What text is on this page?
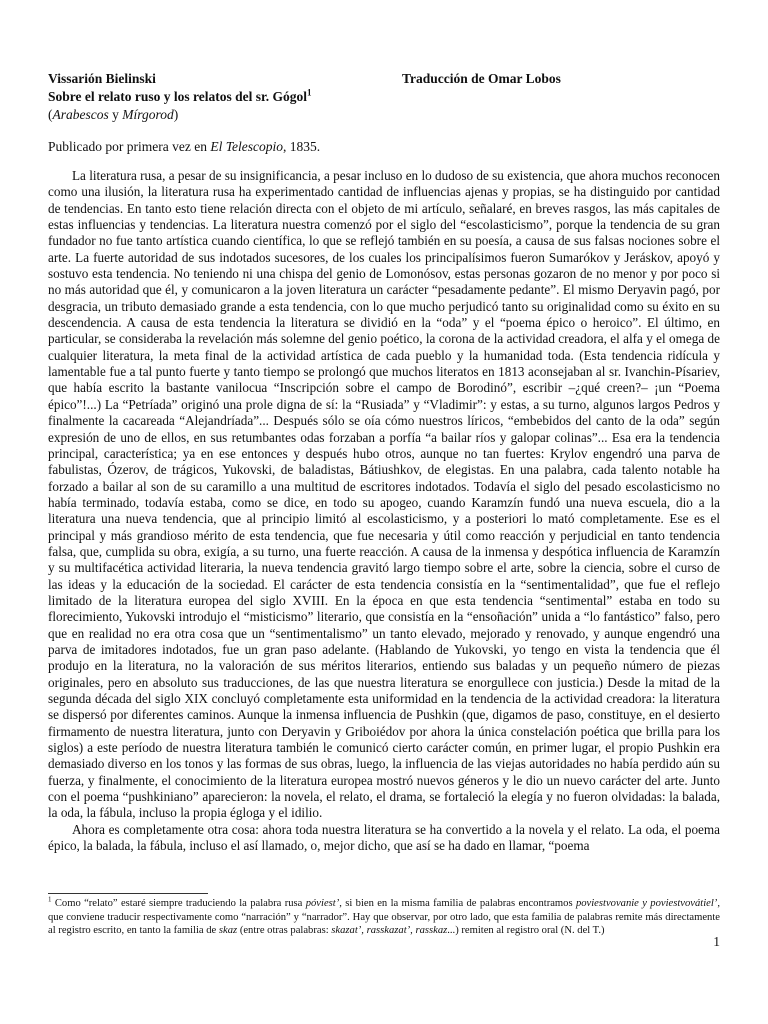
Vissarión Bielinski	Traducción de Omar Lobos
Sobre el relato ruso y los relatos del sr. Gógol$^1$
(Arabescos y Mírgorod)
Publicado por primera vez en El Telescopio, 1835.

La literatura rusa, a pesar de su insignificancia, a pesar incluso en lo dudoso de su existencia, que ahora muchos reconocen como una ilusión, la literatura rusa ha experimentado cantidad de influencias ajenas y propias, se ha distinguido por cantidad de tendencias. En tanto esto tiene relación directa con el objeto de mi artículo, señalaré, en breves rasgos, las más capitales de estas influencias y tendencias. La literatura nuestra comenzó por el siglo del “escolasticismo”, porque la tendencia de su gran fundador no fue tanto artística cuando científica, lo que se reflejó también en su poesía, a causa de sus falsas nociones sobre el arte. La fuerte autoridad de sus indotados sucesores, de los cuales los principalísimos fueron Sumarókov y Jeráskov, apoyó y sostuvo esta tendencia. No teniendo ni una chispa del genio de Lomonósov, estas personas gozaron de no menor y por poco si no más autoridad que él, y comunicaron a la joven literatura un carácter “pesadamente pedante”. El mismo Deryavin pagó, por desgracia, un tributo demasiado grande a esta tendencia, con lo que mucho perjudicó tanto su originalidad como su éxito en su descendencia. A causa de esta tendencia la literatura se dividió en la “oda” y el “poema épico o heroico”. El último, en particular, se consideraba la revelación más solemne del genio poético, la corona de la actividad creadora, el alfa y el omega de cualquier literatura, la meta final de la actividad artística de cada pueblo y la humanidad toda. (Esta tendencia ridícula y lamentable fue a tal punto fuerte y tanto tiempo se prolongó que muchos literatos en 1813 aconsejaban al sr. Ivanchin-Písariev, que había escrito la bastante vanilocua “Inscripción sobre el campo de Borodinó”, escribir –¿qué creen?– ¡un “Poema épico”!...) La “Petríada” originó una prole digna de sí: la “Rusiada” y “Vladimir”: y estas, a su turno, algunos largos Pedros y finalmente la cacareada “Alejandríada”... Después sólo se oía cómo nuestros líricos, “embebidos del canto de la oda” según expresión de uno de ellos, en sus retumbantes odas forzaban a porfía “a bailar ríos y galopar colinas”... Esa era la tendencia principal, característica; ya en ese entonces y después hubo otros, aunque no tan fuertes: Krylov engendró una parva de fabulistas, Ózerov, de trágicos, Yukovski, de baladistas, Bátiushkov, de elegistas. En una palabra, cada talento notable ha forzado a bailar al son de su caramillo a una multitud de escritores indotados. Todavía el siglo del pesado escolasticismo no había terminado, todavía estaba, como se dice, en todo su apogeo, cuando Karamzín fundó una nueva escuela, dio a la literatura una nueva tendencia, que al principio limitó al escolasticismo, y a posteriori lo mató completamente. Ese es el principal y más grandioso mérito de esta tendencia, que fue necesaria y útil como reacción y perjudicial en tanto tendencia falsa, que, cumplida su obra, exigía, a su turno, una fuerte reacción. A causa de la inmensa y despótica influencia de Karamzín y su multifacética actividad literaria, la nueva tendencia gravitó largo tiempo sobre el arte, sobre la ciencia, sobre el curso de las ideas y la educación de la sociedad. El carácter de esta tendencia consistía en la “sentimentalidad”, que fue el reflejo limitado de la literatura europea del siglo XVIII. En la época en que esta tendencia “sentimental” estaba en todo su florecimiento, Yukovski introdujo el “misticismo” literario, que consistía en la “ensoñación” unida a “lo fantástico” falso, pero que en realidad no era otra cosa que un “sentimentalismo” un tanto elevado, mejorado y renovado, y aunque engendró una parva de imitadores indotados, fue un gran paso adelante. (Hablando de Yukovski, yo tengo en vista la tendencia que él produjo en la literatura, no la valoración de sus méritos literarios, entiendo sus baladas y un pequeño número de piezas originales, pero en absoluto sus traducciones, de las que nuestra literatura se enorgullece con justicia.) Desde la mitad de la segunda década del siglo XIX concluyó completamente esta uniformidad en la tendencia de la actividad creadora: la literatura se dispersó por diferentes caminos. Aunque la inmensa influencia de Pushkin (que, digamos de paso, constituye, en el desierto firmamento de nuestra literatura, junto con Deryavin y Griboiédov por ahora la única constelación poética que brilla para los siglos) a este período de nuestra literatura también le comunicó cierto carácter común, en primer lugar, el propio Pushkin era demasiado diverso en los tonos y las formas de sus obras, luego, la influencia de las viejas autoridades no había perdido aún su fuerza, y finalmente, el conocimiento de la literatura europea mostró nuevos géneros y le dio un nuevo carácter del arte. Junto con el poema “pushkiniano” aparecieron: la novela, el relato, el drama, se fortaleció la elegía y no fueron olvidadas: la balada, la oda, la fábula, incluso la propia égloga y el idilio.

Ahora es completamente otra cosa: ahora toda nuestra literatura se ha convertido a la novela y el relato. La oda, el poema épico, la balada, la fábula, incluso el así llamado, o, mejor dicho, que así se ha dado en llamar, “poema

$^1$ Como “relato” estaré siempre traduciendo la palabra rusa póviest’, si bien en la misma familia de palabras encontramos poviestvovanie y poviestvovátiel’, que conviene traducir respectivamente como “narración” y “narrador”. Hay que observar, por otro lado, que esta familia de palabras remite más directamente al registro escrito, en tanto la familia de skaz (entre otras palabras: skazat’, rasskazat’, rasskaz...) remiten al registro oral (N. del T.)
1
